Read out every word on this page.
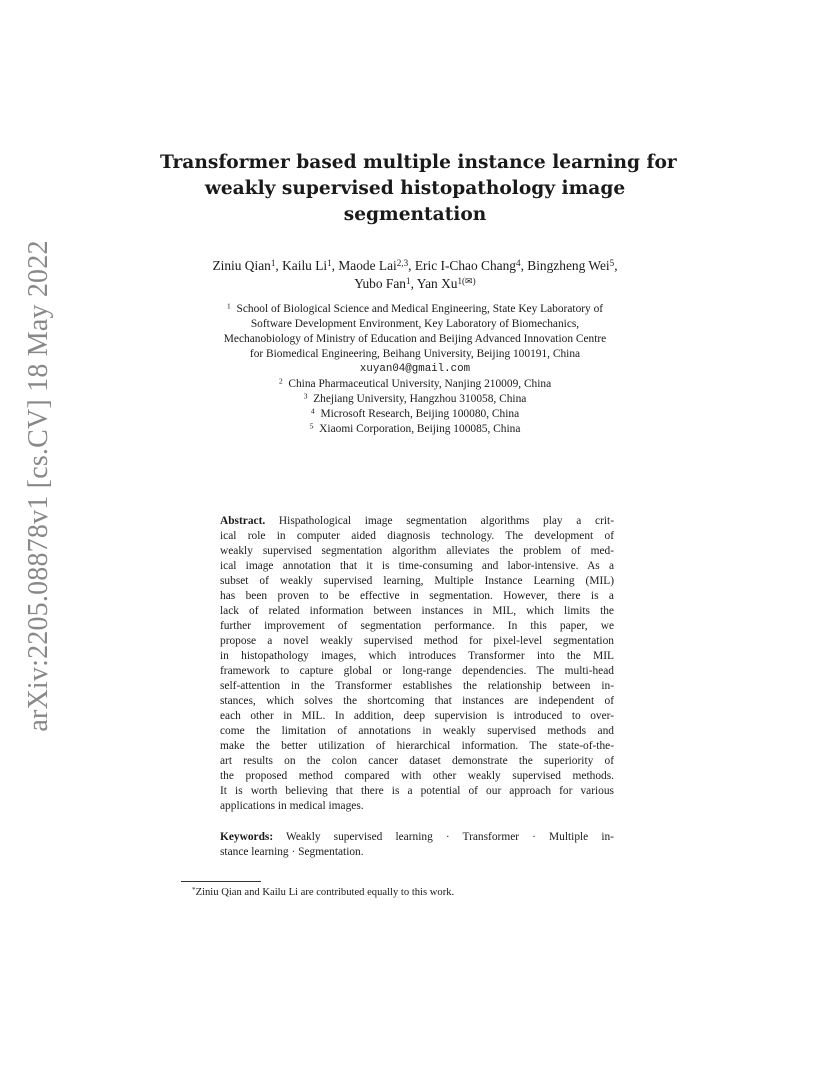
arXiv:2205.08878v1 [cs.CV] 18 May 2022
Transformer based multiple instance learning for
weakly supervised histopathology image
segmentation
Ziniu Qian$^1$, Kailu Li$^1$, Maode Lai$^{2,3}$, Eric I-Chao Chang$^4$, Bingzheng Wei$^5$,
Yubo Fan$^1$, Yan $Xu^{1(✉)}$
$^1$ School of Biological Science and Medical Engineering, State Key Laboratory of
Software Development Environment, Key Laboratory of Biomechanics,
Mechanobiology of Ministry of Education and Beijing Advanced Innovation Centre
for Biomedical Engineering, Beihang University, Beijing 100191, China
xuyan04@gmail.com
$^2$ China Pharmaceutical University, Nanjing 210009, China
$^3$ Zhejiang University, Hangzhou 310058, China
$^4$ Microsoft Research, Beijing 100080, China
$^5$ Xiaomi Corporation, Beijing 100085, China
Abstract. Hispathological image segmentation algorithms play a crit-
ical role in computer aided diagnosis technology. The development of
weakly supervised segmentation algorithm alleviates the problem of med-
ical image annotation that it is time-consuming and labor-intensive. As a
subset of weakly supervised learning, Multiple Instance Learning (MIL)
has been proven to be effective in segmentation. However, there is a
lack of related information between instances in MIL, which limits the
further improvement of segmentation performance. In this paper, we
propose a novel weakly supervised method for pixel-level segmentation
in histopathology images, which introduces Transformer into the MIL
framework to capture global or long-range dependencies. The multi-head
self-attention in the Transformer establishes the relationship between in-
stances, which solves the shortcoming that instances are independent of
each other in MIL. In addition, deep supervision is introduced to over-
come the limitation of annotations in weakly supervised methods and
make the better utilization of hierarchical information. The state-of-the-
art results on the colon cancer dataset demonstrate the superiority of
the proposed method compared with other weakly supervised methods.
It is worth believing that there is a potential of our approach for various
applications in medical images.
Keywords: Weakly supervised learning · Transformer · Multiple in-
stance learning · Segmentation.
*Ziniu Qian and Kailu Li are contributed equally to this work.
